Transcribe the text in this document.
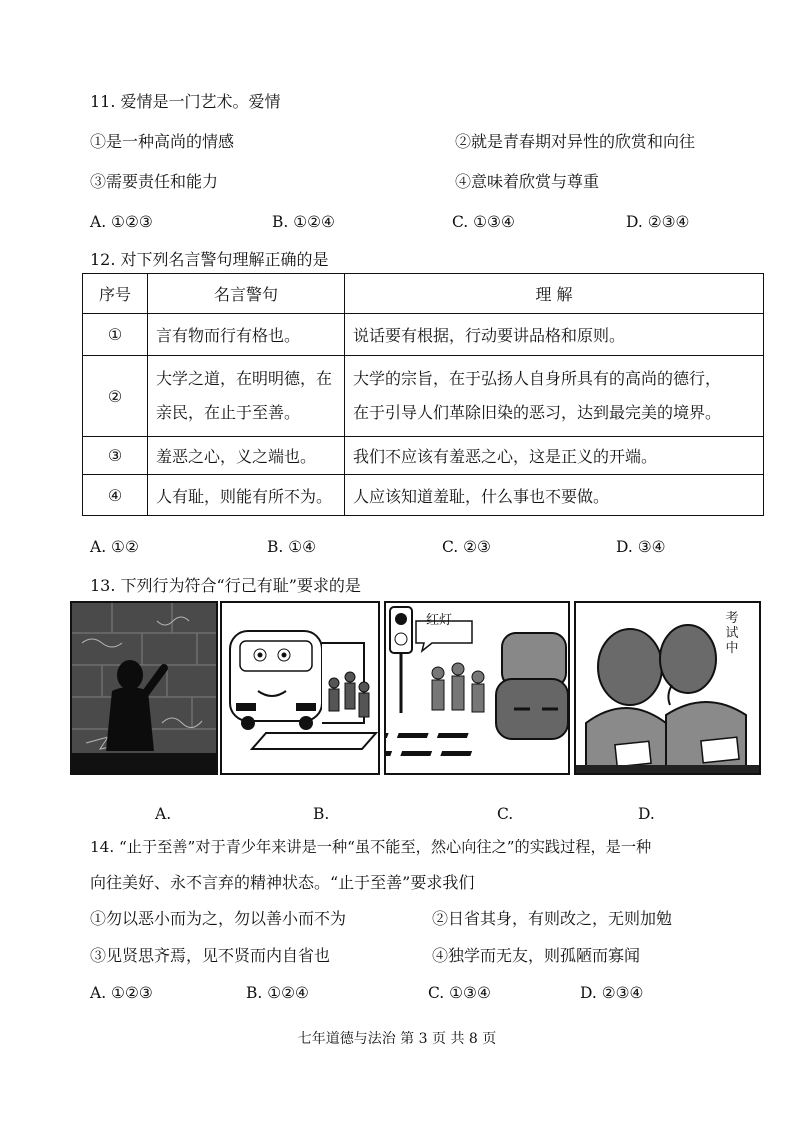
11. 爱情是一门艺术。爱情
①是一种高尚的情感	②就是青春期对异性的欣赏和向往
③需要责任和能力	④意味着欣赏与尊重
A. ①②③	B. ①②④	C. ①③④	D. ②③④
12. 对下列名言警句理解正确的是
序号	名言警句	理 解
①	言有物而行有格也。	说话要有根据，行动要讲品格和原则。
②	大学之道，在明明德，在
亲民，在止于至善。	大学的宗旨，在于弘扬人自身所具有的高尚的德行，
在于引导人们革除旧染的恶习，达到最完美的境界。
③	羞恶之心，义之端也。	我们不应该有羞恶之心，这是正义的开端。
④	人有耻，则能有所不为。	人应该知道羞耻，什么事也不要做。
A. ①②	B. ①④	C. ②③	D. ③④
13. 下列行为符合“行己有耻”要求的是
红灯	考试中
A.	B.	C.	D.
14. “止于至善”对于青少年来讲是一种“虽不能至，然心向往之”的实践过程，是一种
向往美好、永不言弃的精神状态。“止于至善”要求我们
①勿以恶小而为之，勿以善小而不为	②日省其身，有则改之，无则加勉
③见贤思齐焉，见不贤而内自省也	④独学而无友，则孤陋而寡闻
A. ①②③	B. ①②④	C. ①③④	D. ②③④
七年道德与法治 第 3 页 共 8 页
